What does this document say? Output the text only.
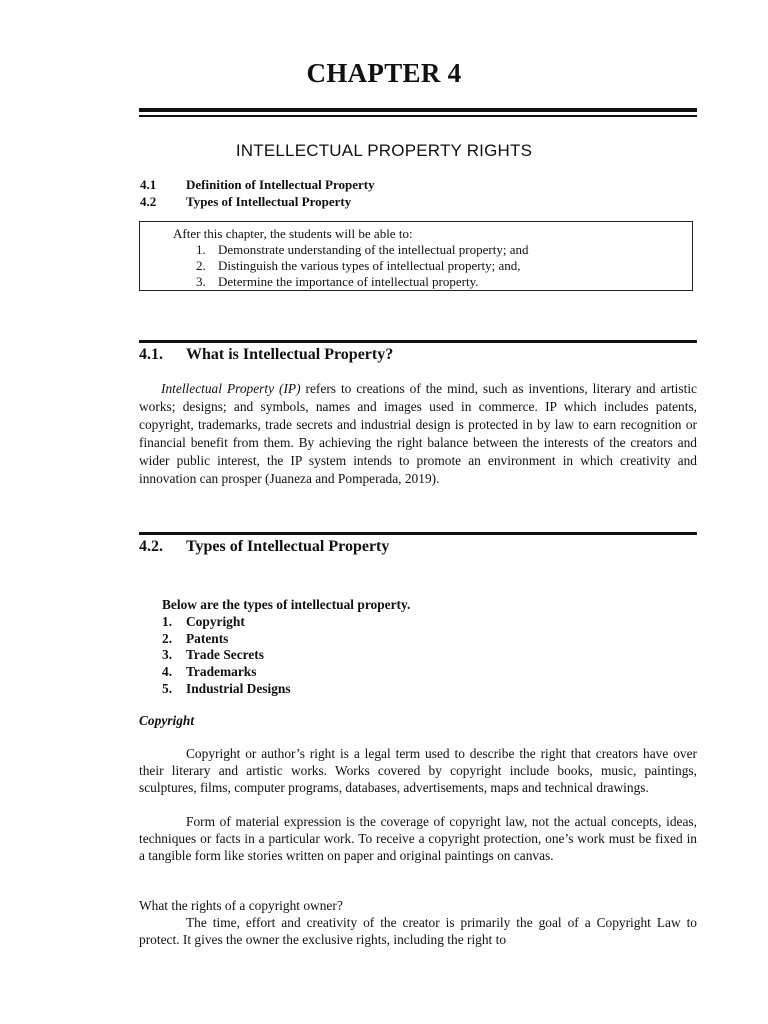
CHAPTER 4
INTELLECTUAL PROPERTY RIGHTS
4.1 Definition of Intellectual Property
4.2 Types of Intellectual Property
After this chapter, the students will be able to:
1. Demonstrate understanding of the intellectual property; and
2. Distinguish the various types of intellectual property; and,
3. Determine the importance of intellectual property.
4.1. What is Intellectual Property?

Intellectual Property (IP) refers to creations of the mind, such as inventions, literary and artistic works; designs; and symbols, names and images used in commerce. IP which includes patents, copyright, trademarks, trade secrets and industrial design is protected in by law to earn recognition or financial benefit from them. By achieving the right balance between the interests of the creators and wider public interest, the IP system intends to promote an environment in which creativity and innovation can prosper (Juaneza and Pomperada, 2019).

4.2. Types of Intellectual Property
Below are the types of intellectual property.
1. Copyright
2. Patents
3. Trade Secrets
4. Trademarks
5. Industrial Designs
Copyright

Copyright or author’s right is a legal term used to describe the right that creators have over their literary and artistic works. Works covered by copyright include books, music, paintings, sculptures, films, computer programs, databases, advertisements, maps and technical drawings.

Form of material expression is the coverage of copyright law, not the actual concepts, ideas, techniques or facts in a particular work. To receive a copyright protection, one’s work must be fixed in a tangible form like stories written on paper and original paintings on canvas.

What the rights of a copyright owner?

The time, effort and creativity of the creator is primarily the goal of a Copyright Law to protect. It gives the owner the exclusive rights, including the right to
